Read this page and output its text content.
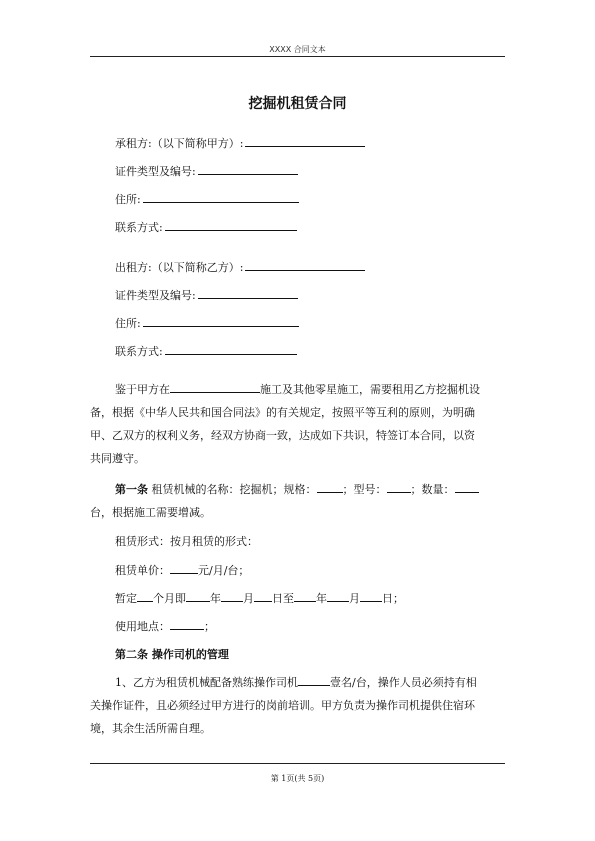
XXXX 合同文本
挖掘机租赁合同
承租方:（以下简称甲方）:
证件类型及编号:
住所:
联系方式:
出租方:（以下简称乙方）:
证件类型及编号:
住所:
联系方式:
鉴于甲方在	施工及其他零星施工，需要租用乙方挖掘机设
备，根据《中华人民共和国合同法》的有关规定，按照平等互利的原则，为明确
甲、乙双方的权利义务，经双方协商一致，达成如下共识，特签订本合同，以资
共同遵守。
第一条 租赁机械的名称：挖掘机；规格： ；型号： ；数量：
台，根据施工需要增减。
租赁形式：按月租赁的形式：
租赁单价：	元/月/台；
暂定 个月即 年 月 日至 年 月 日；
使用地点：	；
第二条 操作司机的管理
1、乙方为租赁机械配备熟练操作司机	壹名/台，操作人员必须持有相
关操作证件，且必须经过甲方进行的岗前培训。甲方负责为操作司机提供住宿环
境，其余生活所需自理。
第 1页(共 5页)
